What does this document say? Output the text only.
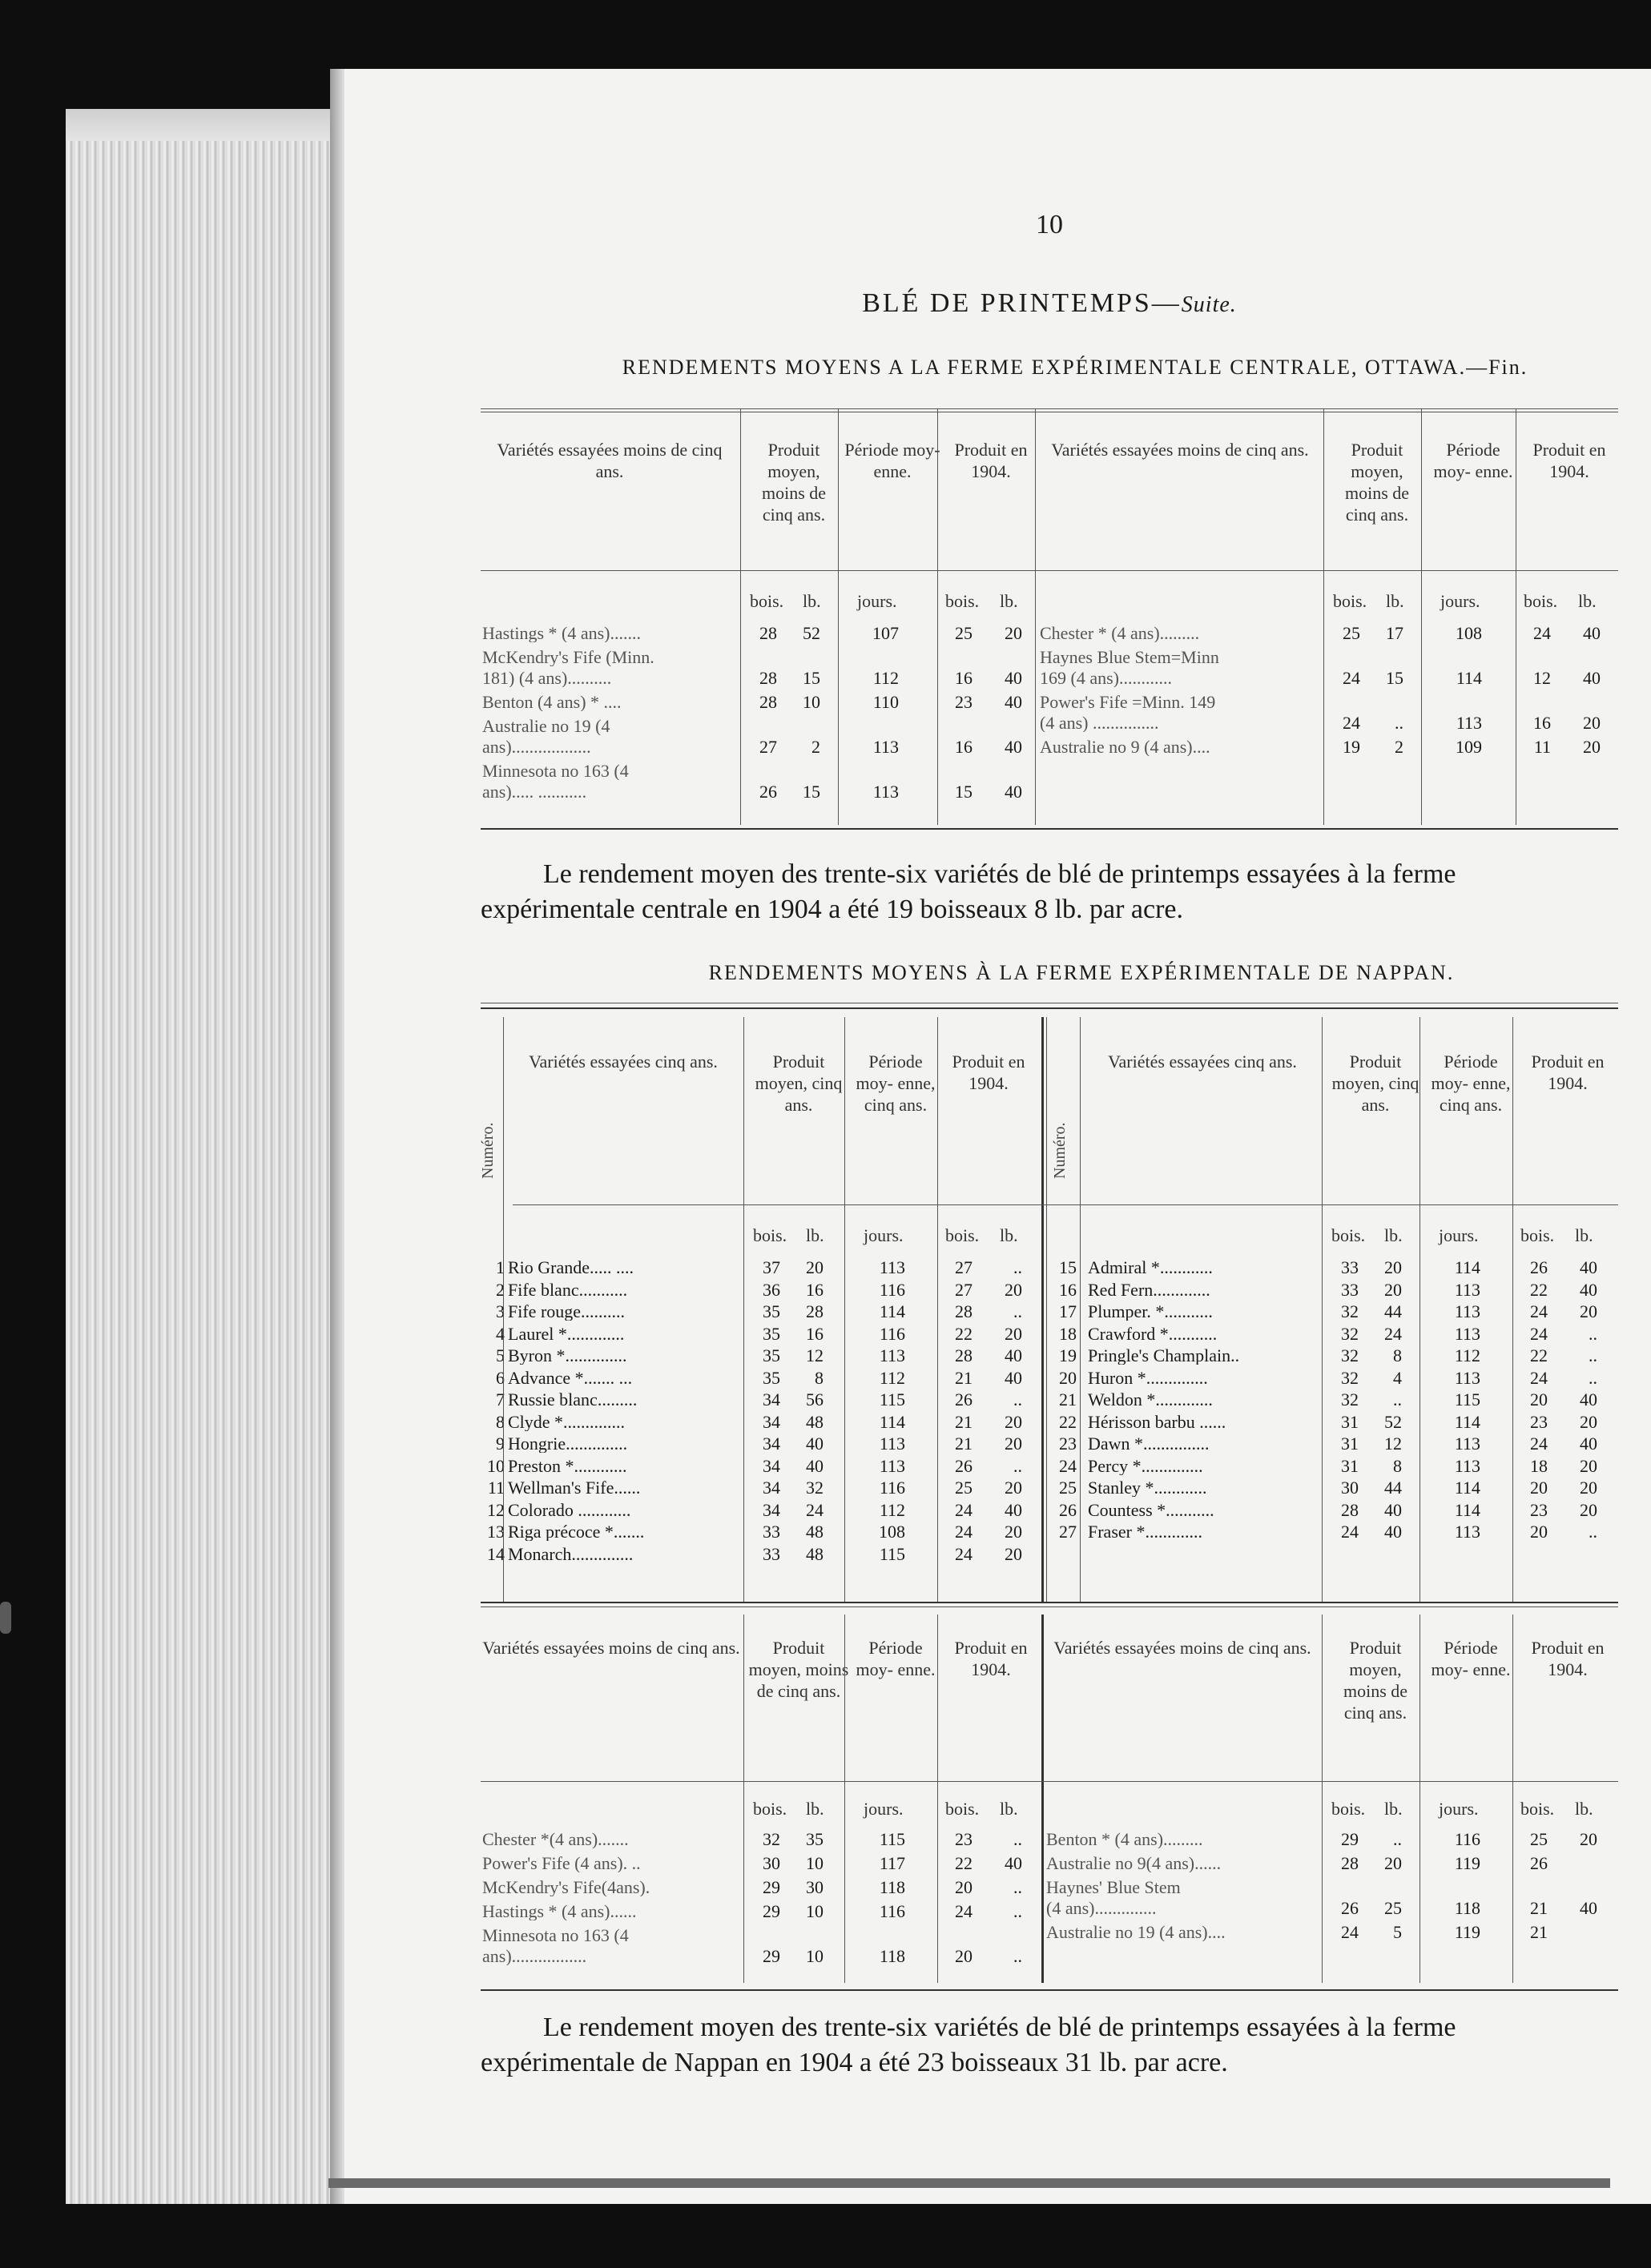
10
BLÉ DE PRINTEMPS—Suite.
RENDEMENTS MOYENS A LA FERME EXPÉRIMENTALE CENTRALE, OTTAWA.—Fin.
Variétés essayées moins de cinq ans.
Produit moyen, moins de cinq ans.
Période moy- enne.
Produit en 1904.
bois. lb. jours.	bois. lb.
Hastings * (4 ans).......	28	52	107	25	20
McKendry's Fife (Minn.
181) (4 ans)..........	28	15	112	16	40
Benton (4 ans) * ....	28	10	110	23	40
Australie no 19 (4
ans)..................	27	2	113	16	40
Minnesota no 163 (4
ans)..... ...........	26	15	113	15	40
Variétés essayées moins de cinq ans.	Produit moyen, moins de cinq ans.
Période moy- enne.
Produit en 1904.
bois. lb. jours. bois. lb.
Chester * (4 ans).........	25	17	108	24	40
Haynes Blue Stem=Minn
169 (4 ans)............	24	15	114	12	40
Power's Fife =Minn. 149
(4 ans) ...............	24	..	113	16	20
Australie no 9 (4 ans)....	19	2	109	11	20
Le rendement moyen des trente-six variétés de blé de printemps essayées à la ferme
expérimentale centrale en 1904 a été 19 boisseaux 8 lb. par acre.
RENDEMENTS MOYENS À LA FERME EXPÉRIMENTALE DE NAPPAN.
Numéro.
Variétés essayées cinq ans.	Produit moyen, cinq ans.
Période moy- enne, cinq ans.
Produit en 1904.
bois. lb. jours. bois. lb.
1 Rio Grande..... ....	37	20	113	27	..
2 Fife blanc...........	36	16	116	27	20
3 Fife rouge..........	35	28	114	28	..
4 Laurel *.............	35	16	116	22	20
5 Byron *..............	35	12	113	28	40
6 Advance *....... ...	35	8	112	21	40
7 Russie blanc.........	34	56	115	26	..
8 Clyde *..............	34	48	114	21	20
9 Hongrie..............	34	40	113	21	20
10 Preston *............	34	40	113	26	..
11 Wellman's Fife......	34	32	116	25	20
12 Colorado ............	34	24	112	24	40
13 Riga précoce *.......	33	48	108	24	20
14 Monarch..............	33	48	115	24	20
Numéro.
Variétés essayées cinq ans.	Produit moyen, cinq ans.
Période moy- enne, cinq ans.
Produit en 1904.
bois. lb. jours. bois. lb.
15 Admiral *............	33	20	114	26	40
16 Red Fern.............	33	20	113	22	40
17 Plumper. *...........	32	44	113	24	20
18 Crawford *...........	32	24	113	24	..
19 Pringle's Champlain..	32	8	112	22	..
20 Huron *..............	32	4	113	24	..
21 Weldon *.............	32	..	115	20	40
22 Hérisson barbu ......	31	52	114	23	20
23 Dawn *...............	31	12	113	24	40
24 Percy *..............	31	8	113	18	20
25 Stanley *............	30	44	114	20	20
26 Countess *...........	28	40	114	23	20
27 Fraser *.............	24	40	113	20	..
Variétés essayées moins de cinq ans.	Produit moyen, moins de cinq ans.
Période moy- enne.
Produit en 1904.
bois. lb. jours. bois. lb.
Chester *(4 ans).......	32	35	115	23	..
Power's Fife (4 ans). ..	30	10	117	22	40
McKendry's Fife(4ans).	29	30	118	20	..
Hastings * (4 ans)......	29	10	116	24	..
Minnesota no 163 (4
ans).................	29	10	118	20	..
Variétés essayées moins de cinq ans.	Produit moyen, moins de cinq ans.
Période moy- enne.
Produit en 1904.
bois. lb. jours. bois. lb.
Benton * (4 ans).........	29	..	116	25	20
Australie no 9(4 ans)......	28	20	119	26
Haynes' Blue Stem
(4 ans)..............	26	25	118	21	40
Australie no 19 (4 ans)....	24	5	119	21
Le rendement moyen des trente-six variétés de blé de printemps essayées à la ferme
expérimentale de Nappan en 1904 a été 23 boisseaux 31 lb. par acre.
